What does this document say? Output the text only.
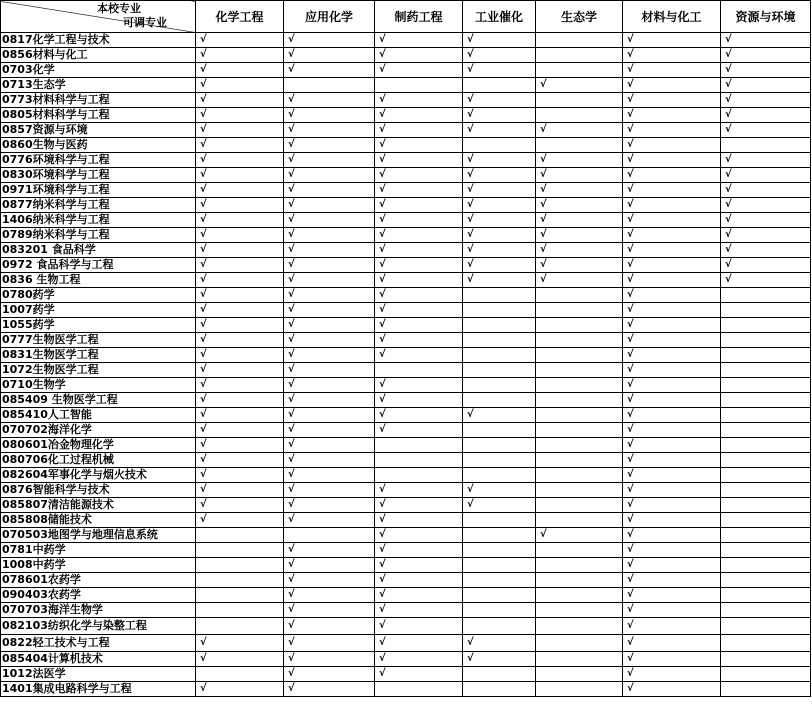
本校专业
可调专业	化学工程	应用化学	制药工程	工业催化	生态学	材料与化工	资源与环境
0817化学工程与技术	√	√	√	√		√	√
0856材料与化工	√	√	√	√		√	√
0703化学	√	√	√	√		√	√
0713生态学	√				√	√	√
0773材料科学与工程	√	√	√	√		√	√
0805材料科学与工程	√	√	√	√		√	√
0857资源与环境	√	√	√	√	√	√	√
0860生物与医药	√	√	√			√	
0776环境科学与工程	√	√	√	√	√	√	√
0830环境科学与工程	√	√	√	√	√	√	√
0971环境科学与工程	√	√	√	√	√	√	√
0877纳米科学与工程	√	√	√	√	√	√	√
1406纳米科学与工程	√	√	√	√	√	√	√
0789纳米科学与工程	√	√	√	√	√	√	√
083201 食品科学	√	√	√	√	√	√	√
0972 食品科学与工程	√	√	√	√	√	√	√
0836 生物工程	√	√	√	√	√	√	√
0780药学	√	√	√			√	
1007药学	√	√	√			√	
1055药学	√	√	√			√	
0777生物医学工程	√	√	√			√	
0831生物医学工程	√	√	√			√	
1072生物医学工程	√	√				√	
0710生物学	√	√	√			√	
085409 生物医学工程	√	√	√			√	
085410人工智能	√	√	√	√		√	
070702海洋化学	√	√	√			√	
080601冶金物理化学	√	√				√	
080706化工过程机械	√	√				√	
082604军事化学与烟火技术	√	√				√	
0876智能科学与技术	√	√	√	√		√	
085807清洁能源技术	√	√	√	√		√	
085808储能技术	√	√	√			√	
070503地图学与地理信息系统			√		√	√	
0781中药学		√	√			√	
1008中药学		√	√			√	
078601农药学		√	√			√	
090403农药学		√	√			√	
070703海洋生物学		√	√			√	
082103纺织化学与染整工程		√	√			√	
0822轻工技术与工程	√	√	√	√		√	
085404计算机技术	√	√	√	√		√	
1012法医学		√	√			√	
1401集成电路科学与工程	√	√				√	
